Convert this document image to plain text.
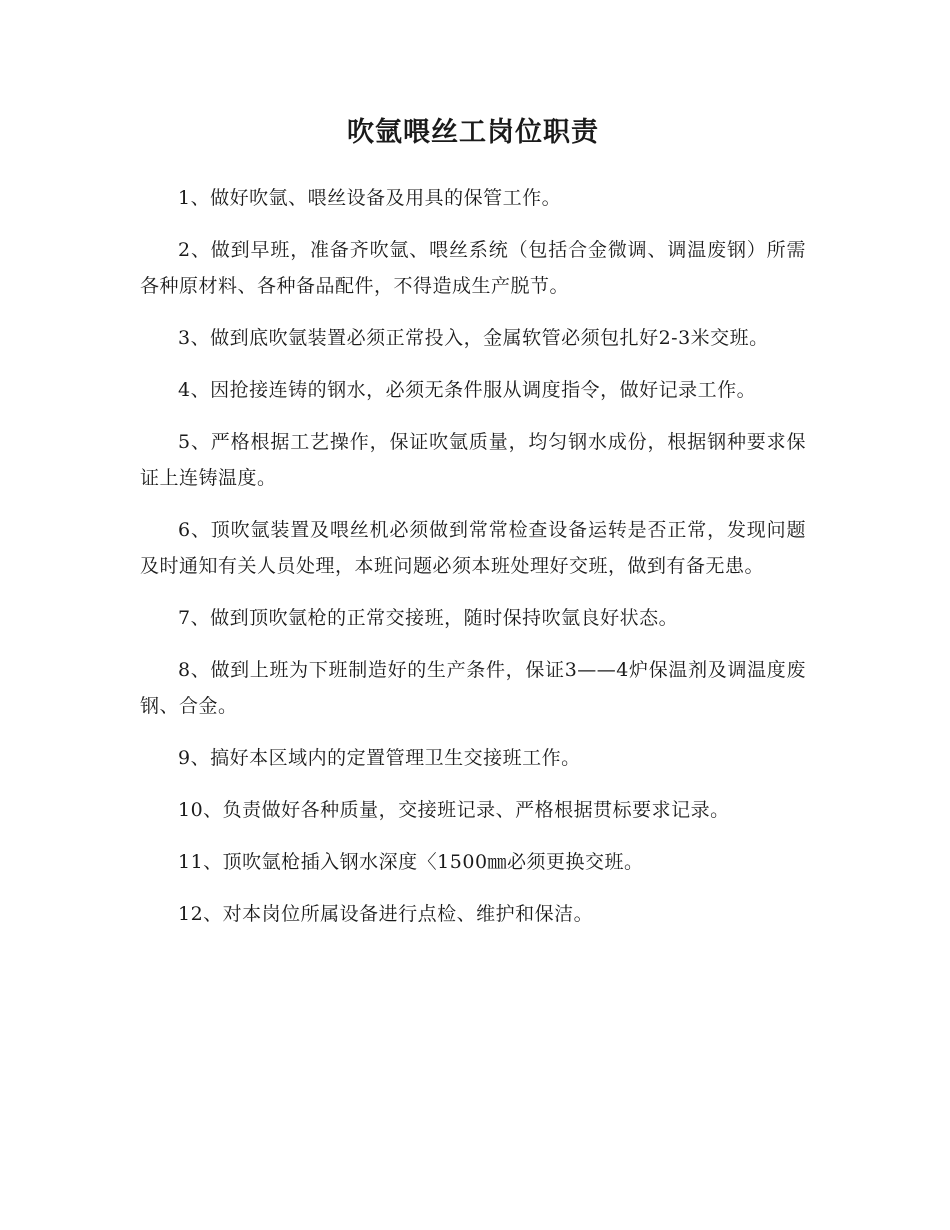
吹氩喂丝工岗位职责

1、做好吹氩、喂丝设备及用具的保管工作。

2、做到早班，准备齐吹氩、喂丝系统（包括合金微调、调温废钢）所需各种原材料、各种备品配件，不得造成生产脱节。

3、做到底吹氩装置必须正常投入，金属软管必须包扎好2-3米交班。

4、因抢接连铸的钢水，必须无条件服从调度指令，做好记录工作。

5、严格根据工艺操作，保证吹氩质量，均匀钢水成份，根据钢种要求保证上连铸温度。

6、顶吹氩装置及喂丝机必须做到常常检查设备运转是否正常，发现问题及时通知有关人员处理，本班问题必须本班处理好交班，做到有备无患。

7、做到顶吹氩枪的正常交接班，随时保持吹氩良好状态。

8、做到上班为下班制造好的生产条件，保证3——4炉保温剂及调温度废钢、合金。

9、搞好本区域内的定置管理卫生交接班工作。

10、负责做好各种质量，交接班记录、严格根据贯标要求记录。

11、顶吹氩枪插入钢水深度〈1500㎜必须更换交班。

12、对本岗位所属设备进行点检、维护和保洁。
